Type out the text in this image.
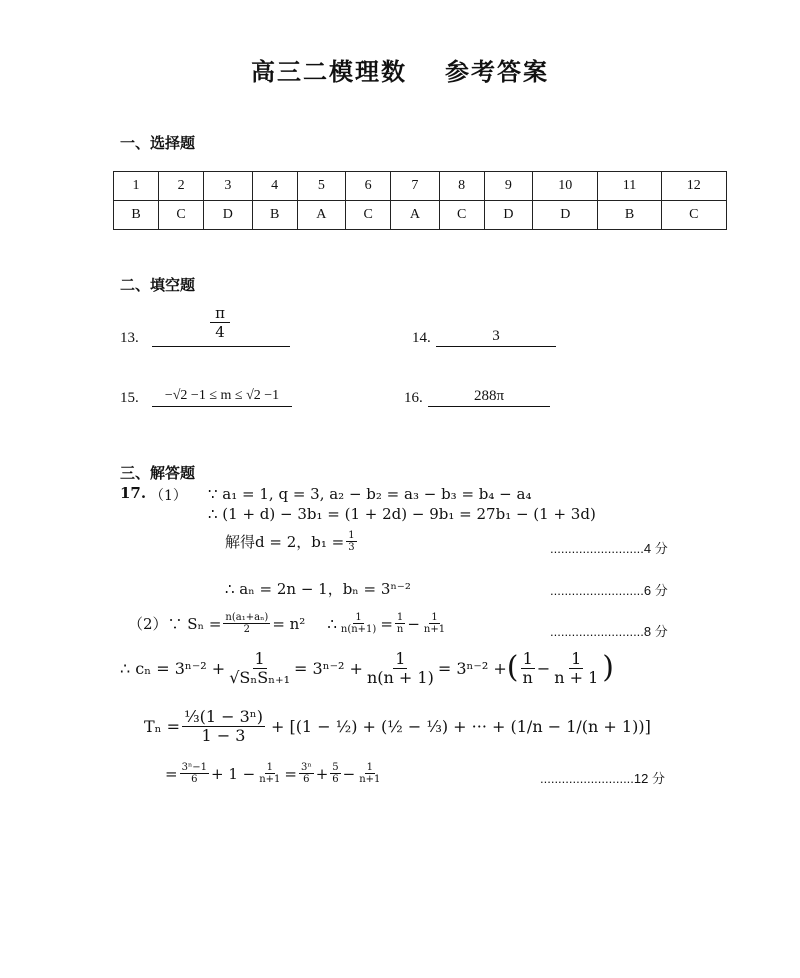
高三二模理数 参考答案
一、选择题
1	2	3	4	5	6	7	8	9	10	11	12
B	C	D	B	A	C	A	C	D	D	B	C
二、填空题
13.	$\frac{\pi}{4}$	14.	3
15.	−√2 −1 ≤ m ≤ √2 −1	16.	288π
三、解答题
17. （1） ∵ a₁ = 1, q = 3, a₂ − b₂ = a₃ − b₃ = b₄ − a₄
∴ (1 + d) − 3b₁ = (1 + 2d) − 9b₁ = 27b₁ − (1 + 3d)
解得d = 2，$b_1 = \frac{1}{3}$	..........................4 分
∴ aₙ = 2n − 1，bₙ = 3ⁿ⁻²	..........................6 分
（2）∵ $S_n = \frac{\text{n(a₁+aₙ)}}{2} = n^2$ ∴ $\frac{1}{n(n+1)} = \frac{1}{n} - \frac{1}{n+1}$	..........................8 分
∴ $c_n = 3^{n-2} + \frac{1}{\text{√SₙSₙ₊₁}} = 3^{n-2} + \frac{1}{n(n + 1)} = 3^{n-2}$ + ( $\frac{1}{n} - \frac{1}{n + 1}$ )
$T_n = \frac{\text{⅓(1 − 3ⁿ)}}{1 - 3} + [(1$ − ½) + (½ − ⅓) + ··· + (1/n − 1/(n + 1))]
= $\frac{\text{3ⁿ−1}}{6} + 1 - \frac{1}{n+1} = \frac{\text{3ⁿ}}{6} + \frac{5}{6} - \frac{1}{n+1}$	..........................12 分
